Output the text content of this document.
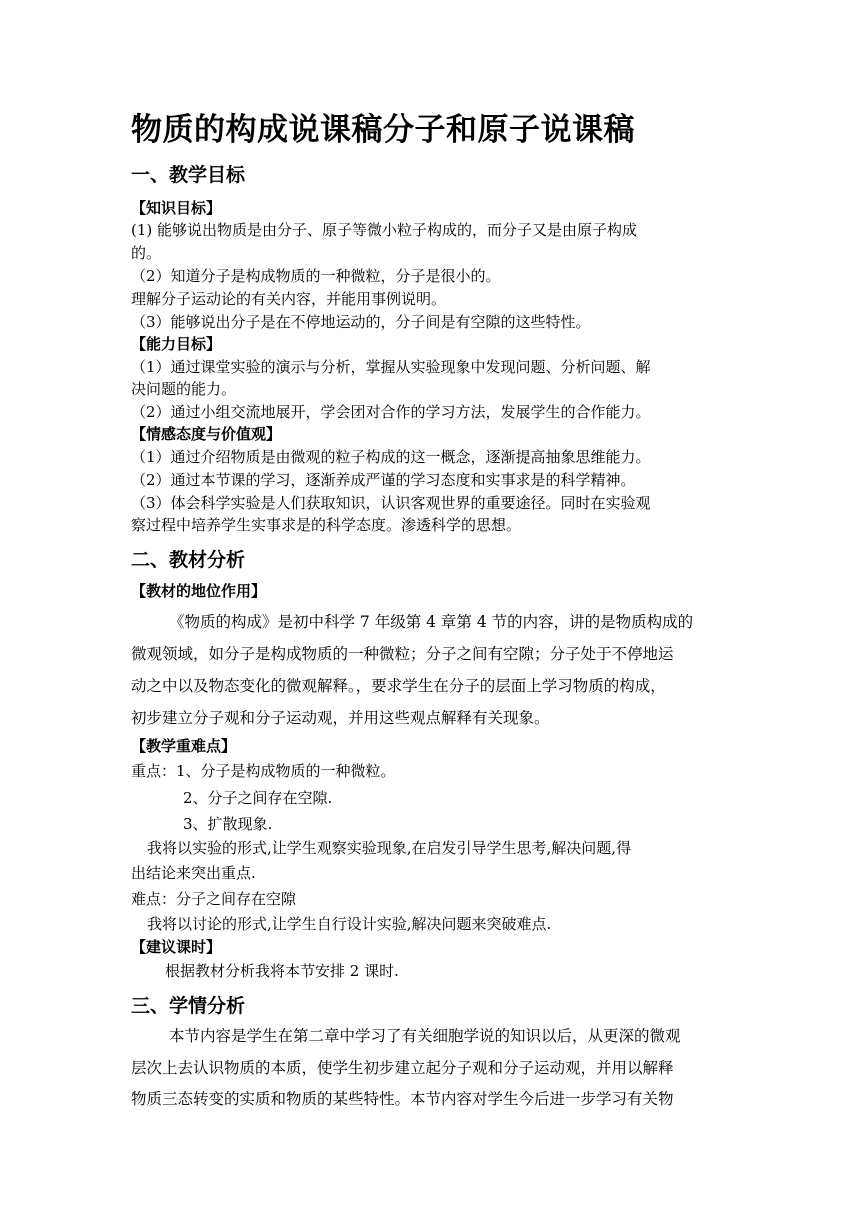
物质的构成说课稿分子和原子说课稿
一、教学目标
【知识目标】
(1) 能够说出物质是由分子、原子等微小粒子构成的，而分子又是由原子构成
的。
（2）知道分子是构成物质的一种微粒，分子是很小的。
理解分子运动论的有关内容，并能用事例说明。
（3）能够说出分子是在不停地运动的，分子间是有空隙的这些特性。
【能力目标】
（1）通过课堂实验的演示与分析，掌握从实验现象中发现问题、分析问题、解
决问题的能力。
（2）通过小组交流地展开，学会团对合作的学习方法，发展学生的合作能力。
【情感态度与价值观】
（1）通过介绍物质是由微观的粒子构成的这一概念，逐渐提高抽象思维能力。
（2）通过本节课的学习，逐渐养成严谨的学习态度和实事求是的科学精神。
（3）体会科学实验是人们获取知识，认识客观世界的重要途径。同时在实验观
察过程中培养学生实事求是的科学态度。渗透科学的思想。
二、教材分析
【教材的地位作用】
《物质的构成》是初中科学 7 年级第 4 章第 4 节的内容，讲的是物质构成的
微观领域，如分子是构成物质的一种微粒；分子之间有空隙；分子处于不停地运
动之中以及物态变化的微观解释。，要求学生在分子的层面上学习物质的构成，
初步建立分子观和分子运动观，并用这些观点解释有关现象。
【教学重难点】
重点：1、分子是构成物质的一种微粒。
2、分子之间存在空隙.
3、扩散现象.
我将以实验的形式,让学生观察实验现象,在启发引导学生思考,解决问题,得
出结论来突出重点.
难点：分子之间存在空隙
我将以讨论的形式,让学生自行设计实验,解决问题来突破难点.
【建议课时】
根据教材分析我将本节安排 2 课时.
三、学情分析
本节内容是学生在第二章中学习了有关细胞学说的知识以后，从更深的微观
层次上去认识物质的本质，使学生初步建立起分子观和分子运动观，并用以解释
物质三态转变的实质和物质的某些特性。本节内容对学生今后进一步学习有关物
